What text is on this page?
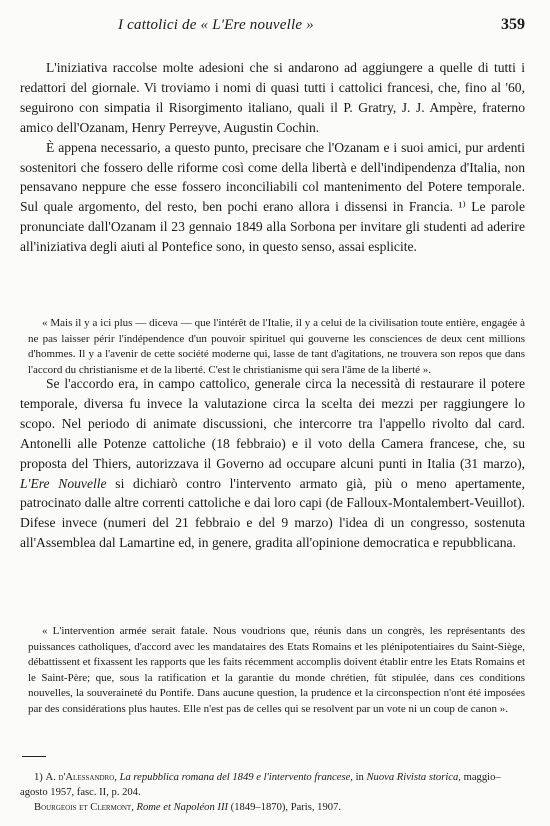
I cattolici de « L'Ere nouvelle »	359

L'iniziativa raccolse molte adesioni che si andarono ad aggiungere a quelle di tutti i redattori del giornale. Vi troviamo i nomi di quasi tutti i cattolici francesi, che, fino al '60, seguirono con simpatia il Risorgimento italiano, quali il P. Gratry, J. J. Ampère, fraterno amico dell'Ozanam, Henry Perreyve, Augustin Cochin.

È appena necessario, a questo punto, precisare che l'Ozanam e i suoi amici, pur ardenti sostenitori che fossero delle riforme così come della libertà e dell'indipendenza d'Italia, non pensavano neppure che esse fossero inconciliabili col mantenimento del Potere temporale. Sul quale argomento, del resto, ben pochi erano allora i dissensi in Francia. ¹⁾ Le parole pronunciate dall'Ozanam il 23 gennaio 1849 alla Sorbona per invitare gli studenti ad aderire all'iniziativa degli aiuti al Pontefice sono, in questo senso, assai esplicite.

« Mais il y a ici plus — diceva — que l'intérêt de l'Italie, il y a celui de la civilisation toute entière, engagée à ne pas laisser périr l'indépendence d'un pouvoir spirituel qui gouverne les consciences de deux cent millions d'hommes. Il y a l'avenir de cette société moderne qui, lasse de tant d'agitations, ne trouvera son repos que dans l'accord du christianisme et de la liberté. C'est le christianisme qui sera l'âme de la liberté ».

Se l'accordo era, in campo cattolico, generale circa la necessità di restaurare il potere temporale, diversa fu invece la valutazione circa la scelta dei mezzi per raggiungere lo scopo. Nel periodo di animate discussioni, che intercorre tra l'appello rivolto dal card. Antonelli alle Potenze cattoliche (18 febbraio) e il voto della Camera francese, che, su proposta del Thiers, autorizzava il Governo ad occupare alcuni punti in Italia (31 marzo), L'Ere Nouvelle si dichiarò contro l'intervento armato già, più o meno apertamente, patrocinato dalle altre correnti cattoliche e dai loro capi (de Falloux-Montalembert-Veuillot). Difese invece (numeri del 21 febbraio e del 9 marzo) l'idea di un congresso, sostenuta all'Assemblea dal Lamartine ed, in genere, gradita all'opinione democratica e repubblicana.

« L'intervention armée serait fatale. Nous voudrions que, réunis dans un congrès, les représentants des puissances catholiques, d'accord avec les mandataires des Etats Romains et les plénipotentiaires du Saint-Siège, débattissent et fixassent les rapports que les faits récemment accomplis doivent établir entre les Etats Romains et le Saint-Père; que, sous la ratification et la garantie du monde chrétien, fût stipulée, dans ces conditions nouvelles, la souveraineté du Pontife. Dans aucune question, la prudence et la circonspection n'ont été imposées par des considérations plus hautes. Elle n'est pas de celles qui se resolvent par un vote ni un coup de canon ».

1) A. d'Alessandro, La repubblica romana del 1849 e l'intervento francese, in Nuova Rivista storica, maggio–agosto 1957, fasc. II, p. 204.

Bourgeois et Clermont, Rome et Napoléon III (1849–1870), Paris, 1907.
